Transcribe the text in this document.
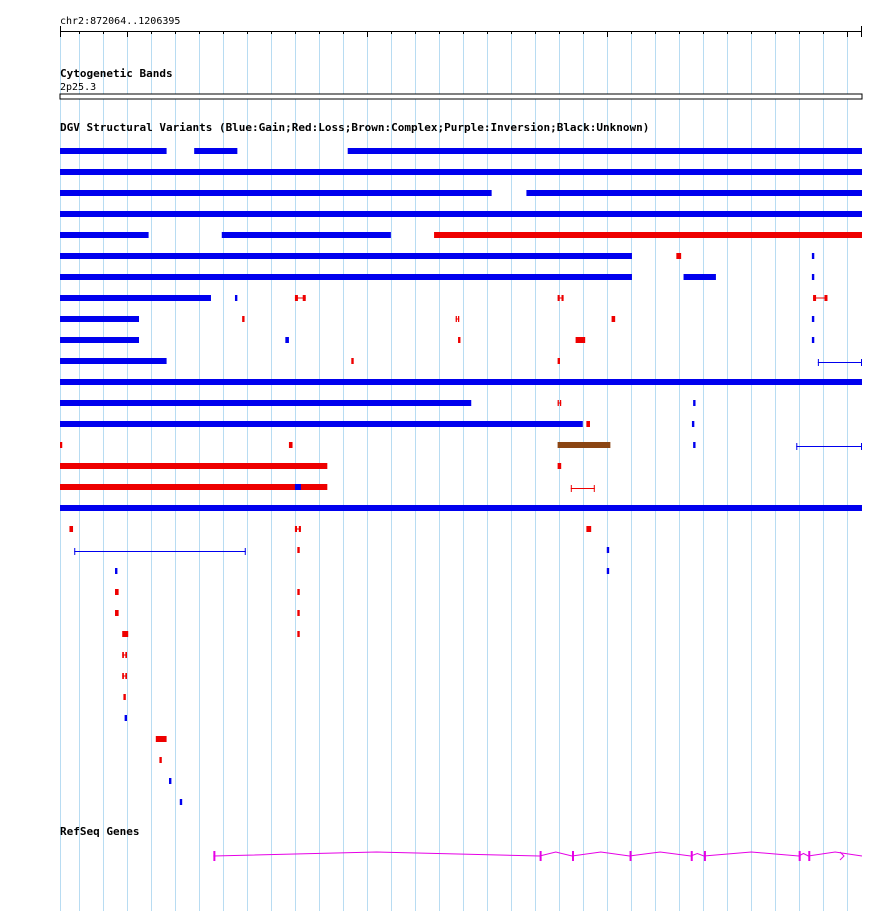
chr2:872064..1206395
Cytogenetic Bands
2p25.3
DGV Structural Variants (Blue:Gain;Red:Loss;Brown:Complex;Purple:Inversion;Black:Unknown)
RefSeq Genes
